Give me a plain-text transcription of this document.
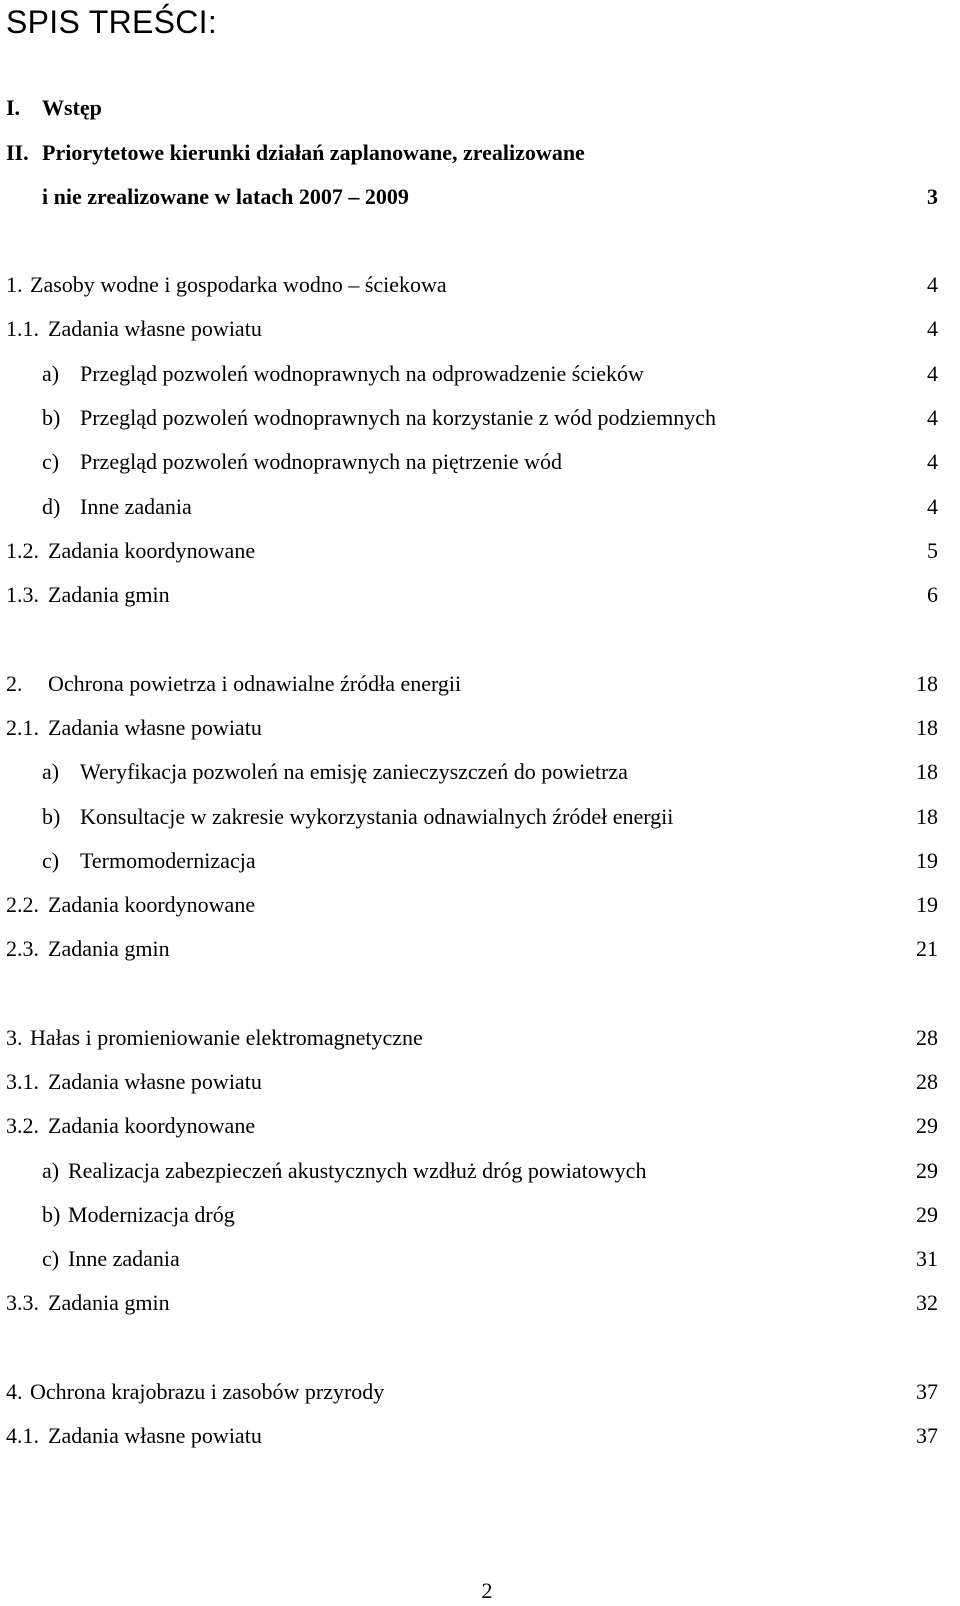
SPIS TREŚCI:
I. Wstęp
II. Priorytetowe kierunki działań zaplanowane, zrealizowane
i nie zrealizowane w latach 2007 – 2009	3
1. Zasoby wodne i gospodarka wodno – ściekowa	4
1.1. Zadania własne powiatu	4
a) Przegląd pozwoleń wodnoprawnych na odprowadzenie ścieków	4
b) Przegląd pozwoleń wodnoprawnych na korzystanie z wód podziemnych	4
c) Przegląd pozwoleń wodnoprawnych na piętrzenie wód	4
d) Inne zadania	4
1.2. Zadania koordynowane	5
1.3. Zadania gmin	6
2. Ochrona powietrza i odnawialne źródła energii	18
2.1. Zadania własne powiatu	18
a) Weryfikacja pozwoleń na emisję zanieczyszczeń do powietrza	18
b) Konsultacje w zakresie wykorzystania odnawialnych źródeł energii	18
c) Termomodernizacja	19
2.2. Zadania koordynowane	19
2.3. Zadania gmin	21
3. Hałas i promieniowanie elektromagnetyczne	28
3.1. Zadania własne powiatu	28
3.2. Zadania koordynowane	29
a) Realizacja zabezpieczeń akustycznych wzdłuż dróg powiatowych	29
b) Modernizacja dróg	29
c) Inne zadania	31
3.3. Zadania gmin	32
4. Ochrona krajobrazu i zasobów przyrody	37
4.1. Zadania własne powiatu	37
2
